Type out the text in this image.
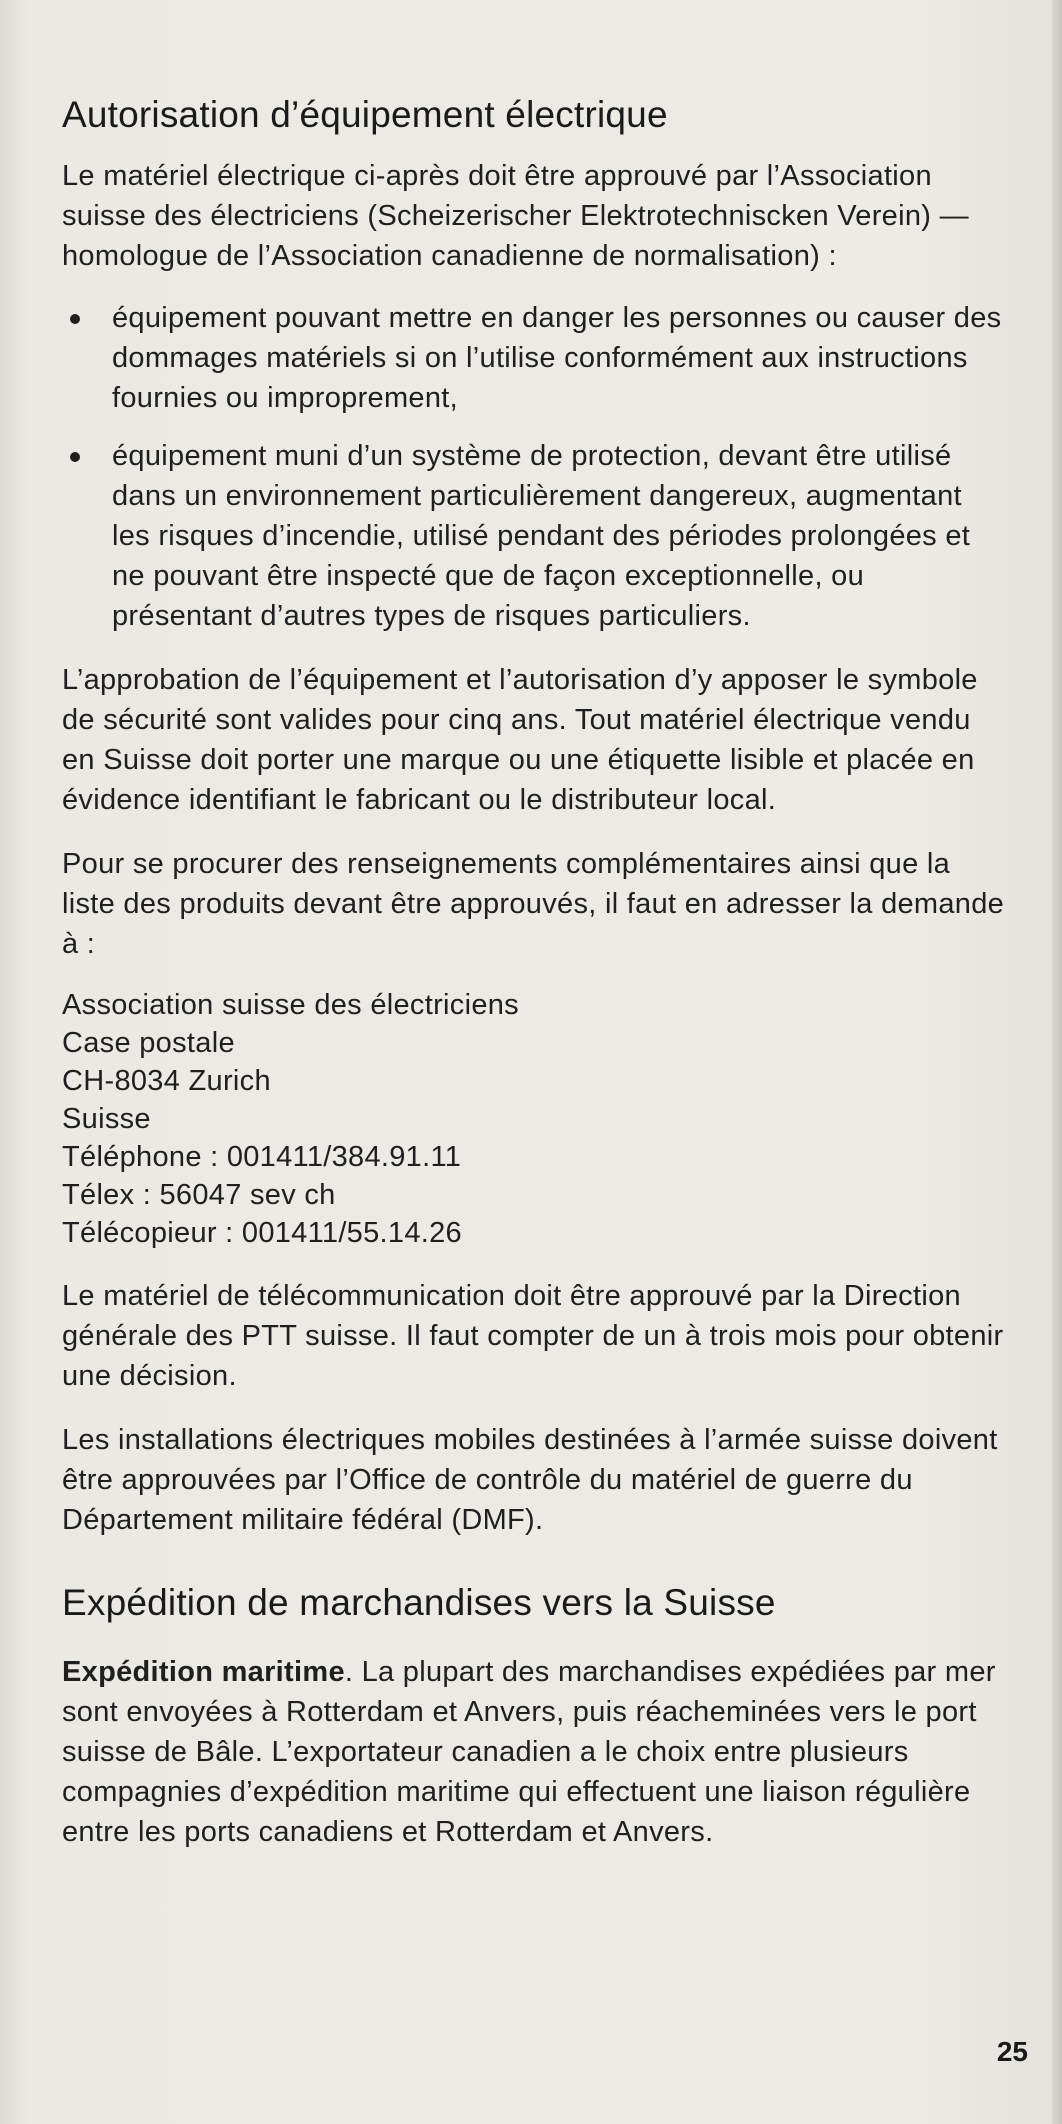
Autorisation d’équipement électrique

Le matériel électrique ci-après doit être approuvé par l’Association suisse des électriciens (Scheizerischer Elektrotechniscken Verein) — homologue de l’Association canadienne de normalisation) :

équipement pouvant mettre en danger les personnes ou causer des dommages matériels si on l’utilise conformément aux instructions fournies ou improprement,
équipement muni d’un système de protection, devant être utilisé dans un environnement particulièrement dangereux, augmentant les risques d’incendie, utilisé pendant des périodes prolongées et ne pouvant être inspecté que de façon exceptionnelle, ou présentant d’autres types de risques particuliers.

L’approbation de l’équipement et l’autorisation d’y apposer le symbole de sécurité sont valides pour cinq ans. Tout matériel électrique vendu en Suisse doit porter une marque ou une étiquette lisible et placée en évidence identifiant le fabricant ou le distributeur local.

Pour se procurer des renseignements complémentaires ainsi que la liste des produits devant être approuvés, il faut en adresser la demande à :

Association suisse des électriciens
Case postale
CH-8034 Zurich
Suisse
Téléphone : 001411/384.91.11
Télex : 56047 sev ch
Télécopieur : 001411/55.14.26

Le matériel de télécommunication doit être approuvé par la Direction générale des PTT suisse. Il faut compter de un à trois mois pour obtenir une décision.

Les installations électriques mobiles destinées à l’armée suisse doivent être approuvées par l’Office de contrôle du matériel de guerre du Département militaire fédéral (DMF).

Expédition de marchandises vers la Suisse

Expédition maritime. La plupart des marchandises expédiées par mer sont envoyées à Rotterdam et Anvers, puis réacheminées vers le port suisse de Bâle. L’exportateur canadien a le choix entre plusieurs compagnies d’expédition maritime qui effectuent une liaison régulière entre les ports canadiens et Rotterdam et Anvers.

25
